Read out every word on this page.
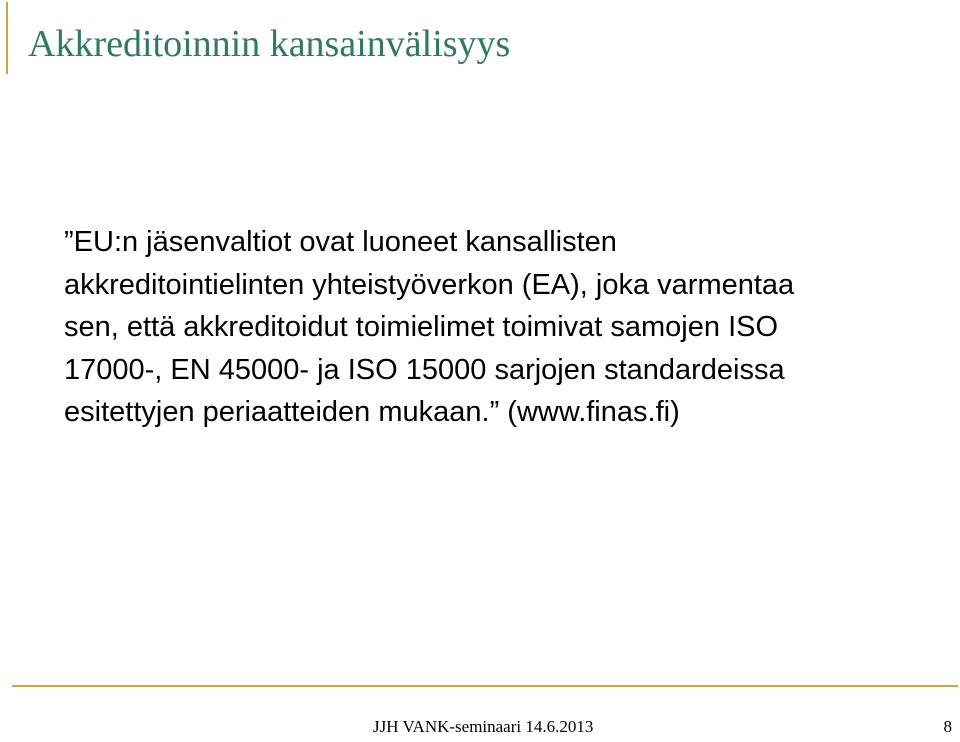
Akkreditoinnin kansainvälisyys

”EU:n jäsenvaltiot ovat luoneet kansallisten
akkreditointielinten yhteistyöverkon (EA), joka varmentaa
sen, että akkreditoidut toimielimet toimivat samojen ISO
17000-, EN 45000- ja ISO 15000 sarjojen standardeissa
esitettyjen periaatteiden mukaan.” (www.finas.fi)

JJH VANK-seminaari 14.6.2013	8
